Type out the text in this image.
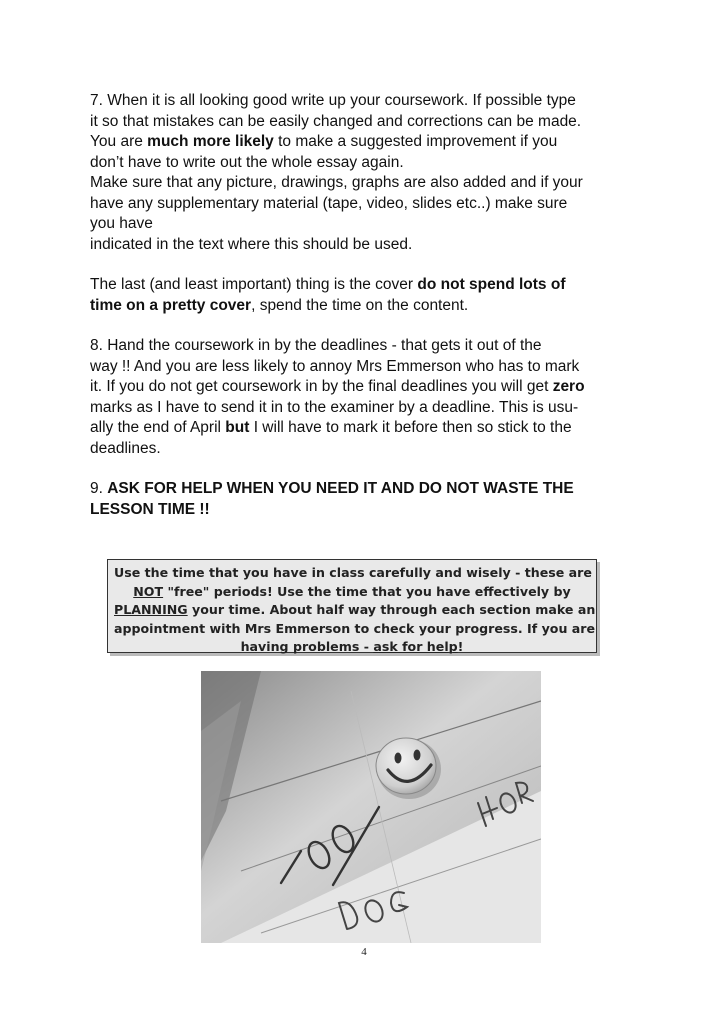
7. When it is all looking good write up your coursework. If possible type
it so that mistakes can be easily changed and corrections can be made.
You are much more likely to make a suggested improvement if you
don’t have to write out the whole essay again.
Make sure that any picture, drawings, graphs are also added and if your
have any supplementary material (tape, video, slides etc..) make sure
you have
indicated in the text where this should be used.

The last (and least important) thing is the cover do not spend lots of
time on a pretty cover, spend the time on the content.

8. Hand the coursework in by the deadlines - that gets it out of the
way !! And you are less likely to annoy Mrs Emmerson who has to mark
it. If you do not get coursework in by the final deadlines you will get zero
marks as I have to send it in to the examiner by a deadline. This is usu-
ally the end of April but I will have to mark it before then so stick to the
deadlines.

9. ASK FOR HELP WHEN YOU NEED IT AND DO NOT WASTE THE
LESSON TIME !!

Use the time that you have in class carefully and wisely - these are
NOT "free" periods! Use the time that you have effectively by
PLANNING your time. About half way through each section make an
appointment with Mrs Emmerson to check your progress. If you are
having problems - ask for help!
4
